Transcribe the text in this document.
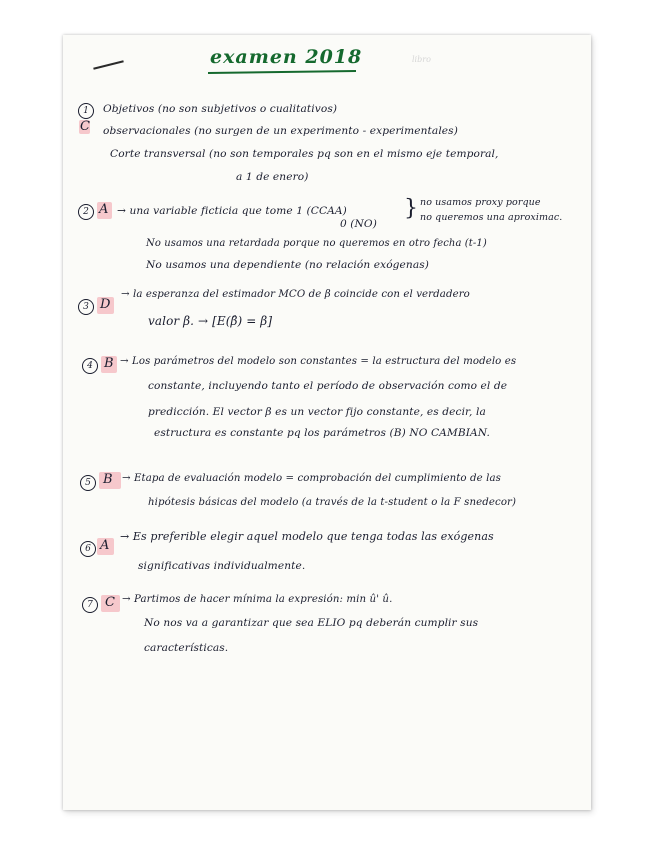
examen 2018	libro
1
C
Objetivos (no son subjetivos o cualitativos)
observacionales (no surgen de un experimento - experimentales)
Corte transversal (no son temporales pq son en el mismo eje temporal,
a 1 de enero)
2 A → una variable ficticia que tome 1 (CCAA)
0 (NO)
} no usamos proxy porque
no queremos una aproximac.
No usamos una retardada porque no queremos en otro fecha (t-1)
No usamos una dependiente (no relación exógenas)
3 D
→ la esperanza del estimador MCO de β coincide con el verdadero
valor β. → [E(β̂) = β]
4 B → Los parámetros del modelo son constantes = la estructura del modelo es
constante, incluyendo tanto el período de observación como el de
predicción. El vector β es un vector fijo constante, es decir, la
estructura es constante pq los parámetros (B) NO CAMBIAN.
5 B → Etapa de evaluación modelo = comprobación del cumplimiento de las
hipótesis básicas del modelo (a través de la t-student o la F snedecor)
6 A
→ Es preferible elegir aquel modelo que tenga todas las exógenas
significativas individualmente.
7 C → Partimos de hacer mínima la expresión: min û' û.
No nos va a garantizar que sea ELIO pq deberán cumplir sus
características.
